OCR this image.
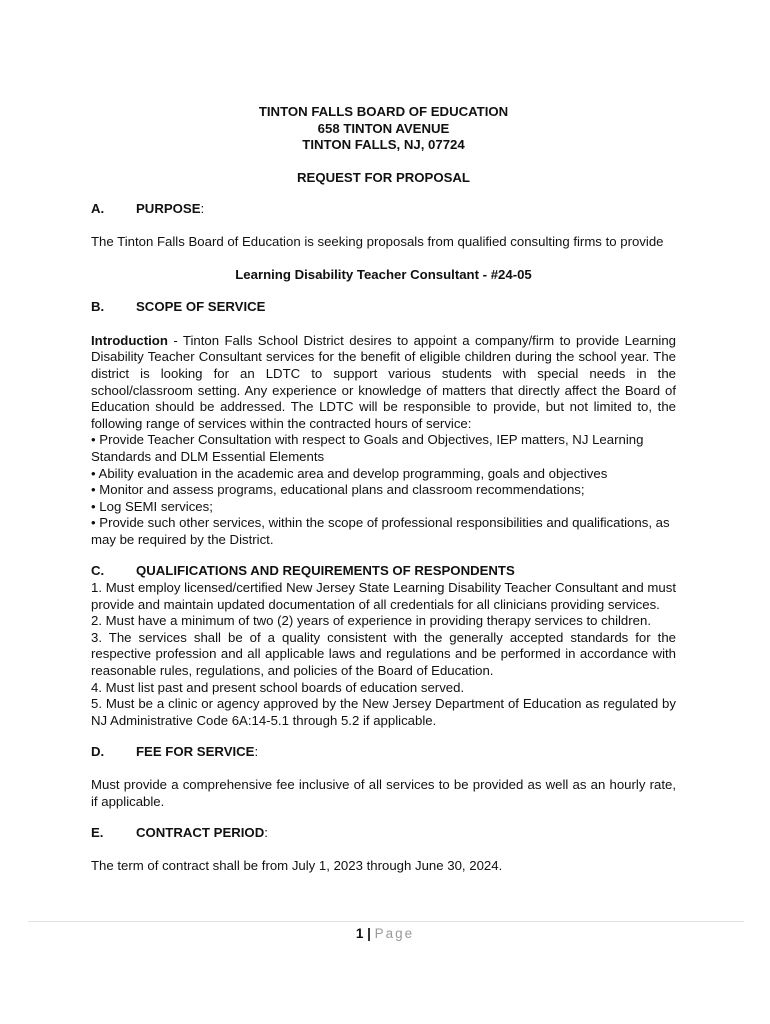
TINTON FALLS BOARD OF EDUCATION
658 TINTON AVENUE
TINTON FALLS, NJ, 07724
REQUEST FOR PROPOSAL
A.	PURPOSE:

The Tinton Falls Board of Education is seeking proposals from qualified consulting firms to provide

Learning Disability Teacher Consultant - #24-05
B.	SCOPE OF SERVICE

Introduction - Tinton Falls School District desires to appoint a company/firm to provide Learning Disability Teacher Consultant services for the benefit of eligible children during the school year. The district is looking for an LDTC to support various students with special needs in the school/classroom setting. Any experience or knowledge of matters that directly affect the Board of Education should be addressed. The LDTC will be responsible to provide, but not limited to, the following range of services within the contracted hours of service:

• Provide Teacher Consultation with respect to Goals and Objectives, IEP matters, NJ Learning Standards and DLM Essential Elements
• Ability evaluation in the academic area and develop programming, goals and objectives
• Monitor and assess programs, educational plans and classroom recommendations;
• Log SEMI services;
• Provide such other services, within the scope of professional responsibilities and qualifications, as may be required by the District.
C.	QUALIFICATIONS AND REQUIREMENTS OF RESPONDENTS
1. Must employ licensed/certified New Jersey State Learning Disability Teacher Consultant and must provide and maintain updated documentation of all credentials for all clinicians providing services.
2. Must have a minimum of two (2) years of experience in providing therapy services to children.
3. The services shall be of a quality consistent with the generally accepted standards for the respective profession and all applicable laws and regulations and be performed in accordance with reasonable rules, regulations, and policies of the Board of Education.
4. Must list past and present school boards of education served.
5. Must be a clinic or agency approved by the New Jersey Department of Education as regulated by NJ Administrative Code 6A:14-5.1 through 5.2 if applicable.
D.	FEE FOR SERVICE:

Must provide a comprehensive fee inclusive of all services to be provided as well as an hourly rate, if applicable.

E.	CONTRACT PERIOD:

The term of contract shall be from July 1, 2023 through June 30, 2024.

1 | Page
